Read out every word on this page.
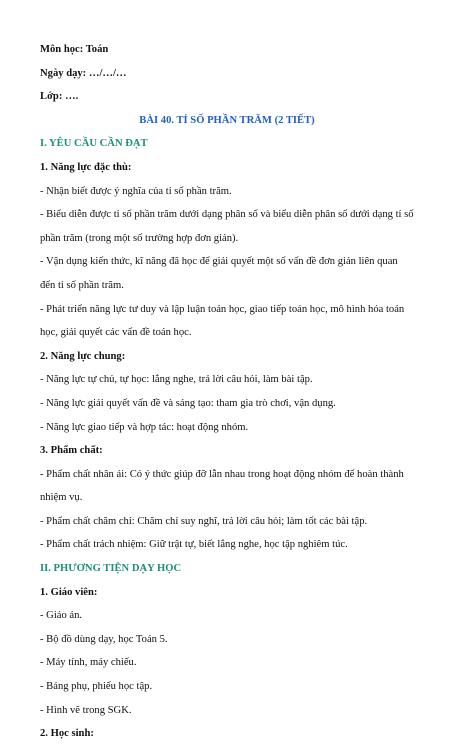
Môn học: Toán
Ngày dạy: …/…/…
Lớp: ….
BÀI 40. TỈ SỐ PHẦN TRĂM (2 TIẾT)
I. YÊU CẦU CẦN ĐẠT
1. Năng lực đặc thù:
- Nhận biết được ý nghĩa của tỉ số phần trăm.
- Biểu diễn được tỉ số phần trăm dưới dạng phân số và biểu diễn phân số dưới dạng tỉ số phần trăm (trong một số trường hợp đơn giản).
- Vận dụng kiến thức, kĩ năng đã học để giải quyết một số vấn đề đơn giản liên quan đến tỉ số phần trăm.
- Phát triển năng lực tư duy và lập luận toán học, giao tiếp toán học, mô hình hóa toán học, giải quyết các vấn đề toán học.
2. Năng lực chung:
- Năng lực tự chủ, tự học: lắng nghe, trả lời câu hỏi, làm bài tập.
- Năng lực giải quyết vấn đề và sáng tạo: tham gia trò chơi, vận dụng.
- Năng lực giao tiếp và hợp tác: hoạt động nhóm.
3. Phẩm chất:
- Phẩm chất nhân ái: Có ý thức giúp đỡ lẫn nhau trong hoạt động nhóm để hoàn thành nhiệm vụ.
- Phẩm chất chăm chỉ: Chăm chỉ suy nghĩ, trả lời câu hỏi; làm tốt các bài tập.
- Phẩm chất trách nhiệm: Giữ trật tự, biết lắng nghe, học tập nghiêm túc.
II. PHƯƠNG TIỆN DẠY HỌC
1. Giáo viên:
- Giáo án.
- Bộ đồ dùng dạy, học Toán 5.
- Máy tính, máy chiếu.
- Bảng phụ, phiếu học tập.
- Hình vẽ trong SGK.
2. Học sinh:
